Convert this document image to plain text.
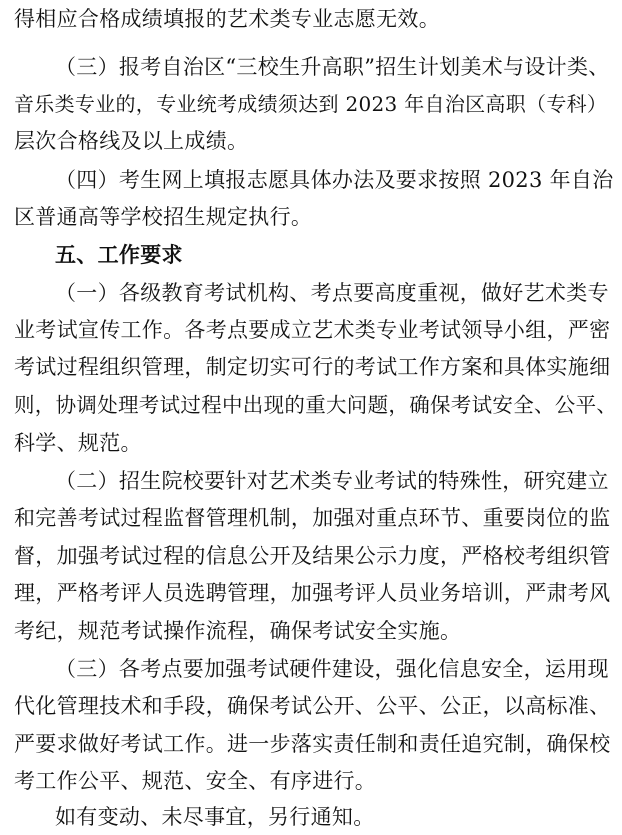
得相应合格成绩填报的艺术类专业志愿无效。
（三）报考自治区“三校生升高职”招生计划美术与设计类、
音乐类专业的，专业统考成绩须达到 2023 年自治区高职（专科）
层次合格线及以上成绩。
（四）考生网上填报志愿具体办法及要求按照 2023 年自治
区普通高等学校招生规定执行。
五、工作要求
（一）各级教育考试机构、考点要高度重视，做好艺术类专
业考试宣传工作。各考点要成立艺术类专业考试领导小组，严密
考试过程组织管理，制定切实可行的考试工作方案和具体实施细
则，协调处理考试过程中出现的重大问题，确保考试安全、公平、
科学、规范。
（二）招生院校要针对艺术类专业考试的特殊性，研究建立
和完善考试过程监督管理机制，加强对重点环节、重要岗位的监
督，加强考试过程的信息公开及结果公示力度，严格校考组织管
理，严格考评人员选聘管理，加强考评人员业务培训，严肃考风
考纪，规范考试操作流程，确保考试安全实施。
（三）各考点要加强考试硬件建设，强化信息安全，运用现
代化管理技术和手段，确保考试公开、公平、公正，以高标准、
严要求做好考试工作。进一步落实责任制和责任追究制，确保校
考工作公平、规范、安全、有序进行。
如有变动、未尽事宜，另行通知。
